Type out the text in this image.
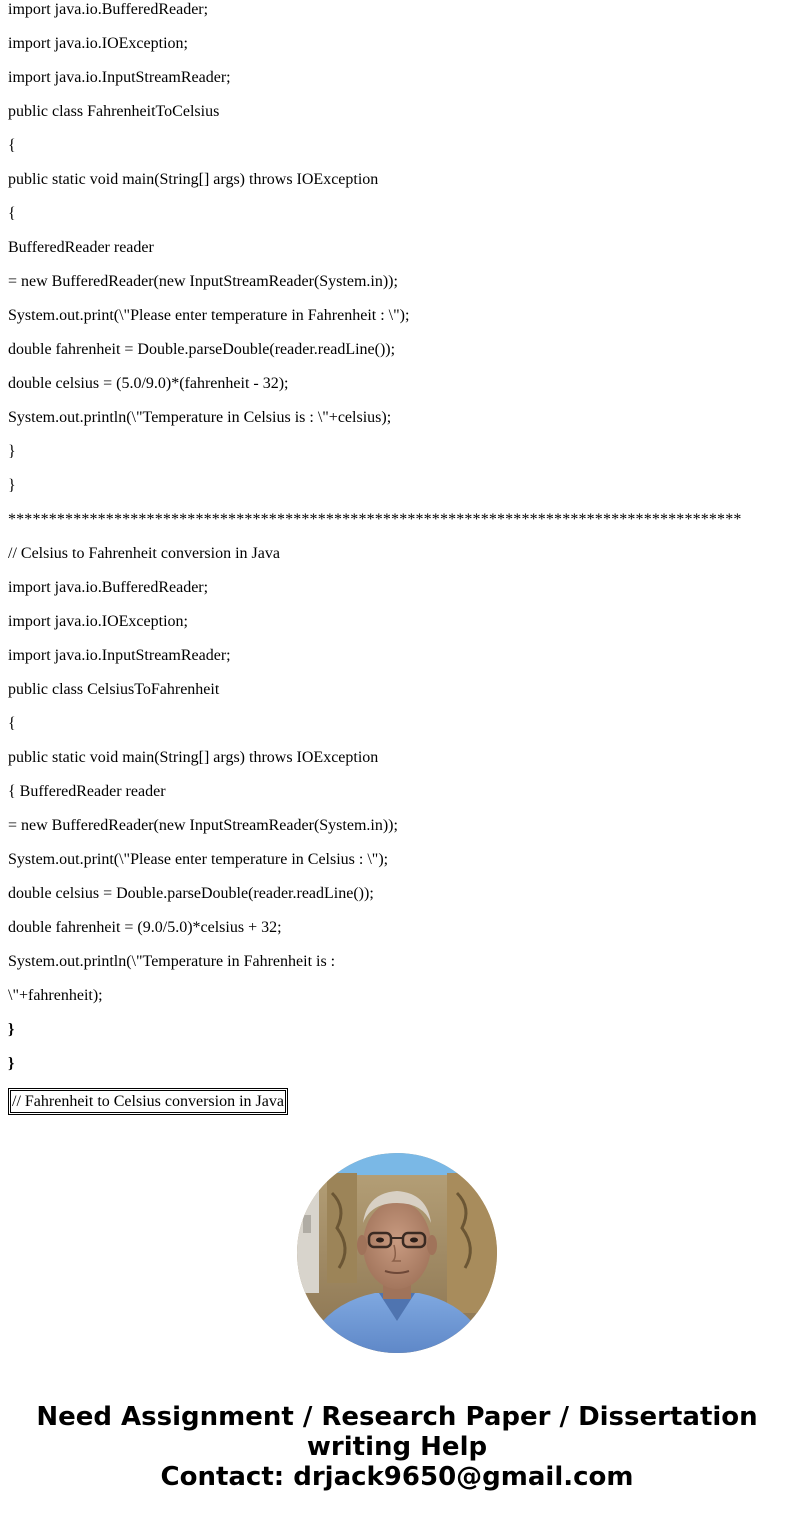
import java.io.BufferedReader;

import java.io.IOException;

import java.io.InputStreamReader;

public class FahrenheitToCelsius

{

public static void main(String[] args) throws IOException

{

BufferedReader reader

= new BufferedReader(new InputStreamReader(System.in));

System.out.print(\"Please enter temperature in Fahrenheit : \");

double fahrenheit = Double.parseDouble(reader.readLine());

double celsius = (5.0/9.0)*(fahrenheit - 32);

System.out.println(\"Temperature in Celsius is : \"+celsius);

}

}

******************************************************************************************

// Celsius to Fahrenheit conversion in Java

import java.io.BufferedReader;

import java.io.IOException;

import java.io.InputStreamReader;

public class CelsiusToFahrenheit

{

public static void main(String[] args) throws IOException

{ BufferedReader reader

= new BufferedReader(new InputStreamReader(System.in));

System.out.print(\"Please enter temperature in Celsius : \");

double celsius = Double.parseDouble(reader.readLine());

double fahrenheit = (9.0/5.0)*celsius + 32;

System.out.println(\"Temperature in Fahrenheit is :

\"+fahrenheit);

}

}

// Fahrenheit to Celsius conversion in Java
Need Assignment / Research Paper / Dissertation
writing Help
Contact: drjack9650@gmail.com
